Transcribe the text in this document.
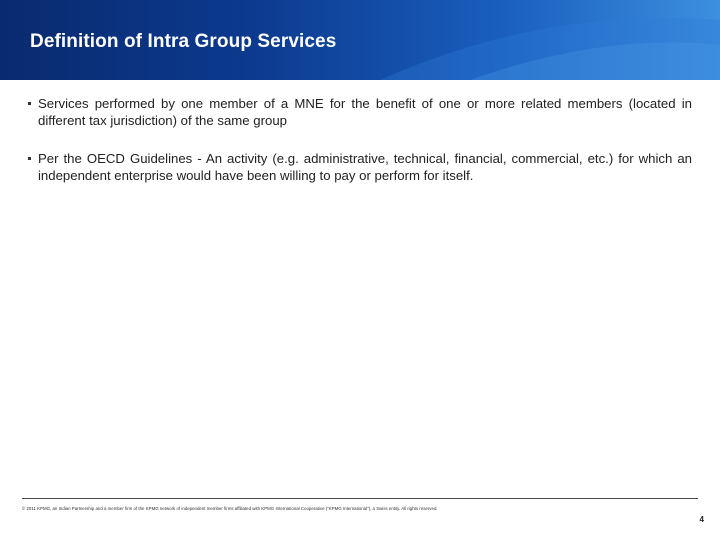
Definition of Intra Group Services
Services performed by one member of a MNE for the benefit of one or more related members (located in different tax jurisdiction) of the same group
Per the OECD Guidelines - An activity (e.g. administrative, technical, financial, commercial, etc.) for which an independent enterprise would have been willing to pay or perform for itself.
© 2011 KPMG, an Indian Partnership and a member firm of the KPMG network of independent member firms affiliated with KPMG International Cooperative ("KPMG International"), a Swiss entity. All rights reserved.
4
